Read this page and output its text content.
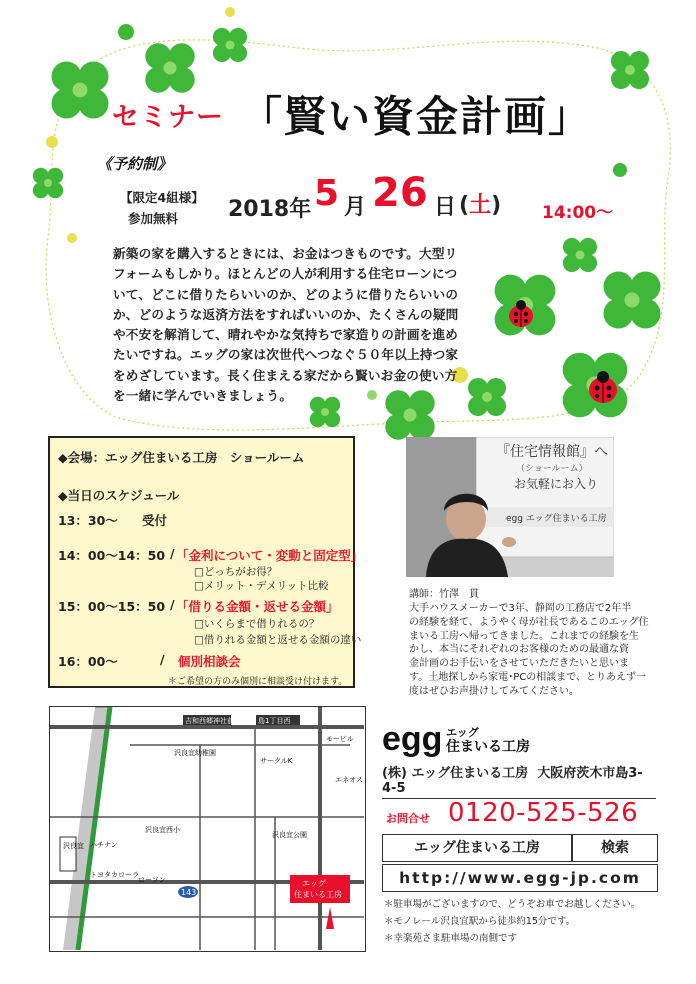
セミナー 「賢い資金計画」
《予約制》
【限定4組様】
参加無料 2018年 5 月 26 日 (土) 14:00〜
新築の家を購入するときには、お金はつきものです。大型リ
フォームもしかり。ほとんどの人が利用する住宅ローンにつ
いて、どこに借りたらいいのか、どのように借りたらいいの
か、どのような返済方法をすればいいのか、たくさんの疑問
や不安を解消して、晴れやかな気持ちで家造りの計画を進め
たいですね。エッグの家は次世代へつなぐ５０年以上持つ家
をめざしています。長く住まえる家だから賢いお金の使い方
を一緒に学んでいきましょう。
◆会場：エッグ住まいる工房　ショールーム
◆当日のスケジュール
13：30〜 受付
14：00〜14：50 / 「金利について・変動と固定型」
□どっちがお得？
□メリット・デメリット比較
15：00〜15：50 / 「借りる金額・返せる金額」
□いくらまで借りれるの？
□借りれる金額と返せる金額の違い
16：00〜	/ 個別相談会
＊ご希望の方のみ個別に相談受け付けます。
『住宅情報館』へ
（ショールーム）
お気軽にお入り
egg エッグ住まいる工房
講師：竹澤　貫
大手ハウスメーカーで3年、静岡の工務店で2年半
の経験を経て、ようやく母が社長であるこのエッグ住
まいる工房へ帰ってきました。これまでの経験を生
かし、本当にそれぞれのお客様のための最適な資
金計画のお手伝いをさせていただきたいと思いま
す。土地探しから家電･PCの相談まで、とりあえず一
度はぜひお声掛けしてみてください。
143
エッグ
住まいる工房
吉和西郷神社前	島1丁目西
モービル
沢良宜幼稚園
サークルK
ハチナン
トヨタカローラ
ローソン
沢良宜公園
沢良宜西小
エネオス
沢良宜
egg エッグ
住まいる工房
(株) エッグ住まいる工房 大阪府茨木市島3-4-5
お問合せ 0120-525-526
エッグ住まいる工房	検索
http://www.egg-jp.com
＊駐車場がございますので、どうぞお車でお越しください。
＊モノレール沢良宜駅から徒歩約15分です。
＊幸楽苑さま駐車場の南側です
